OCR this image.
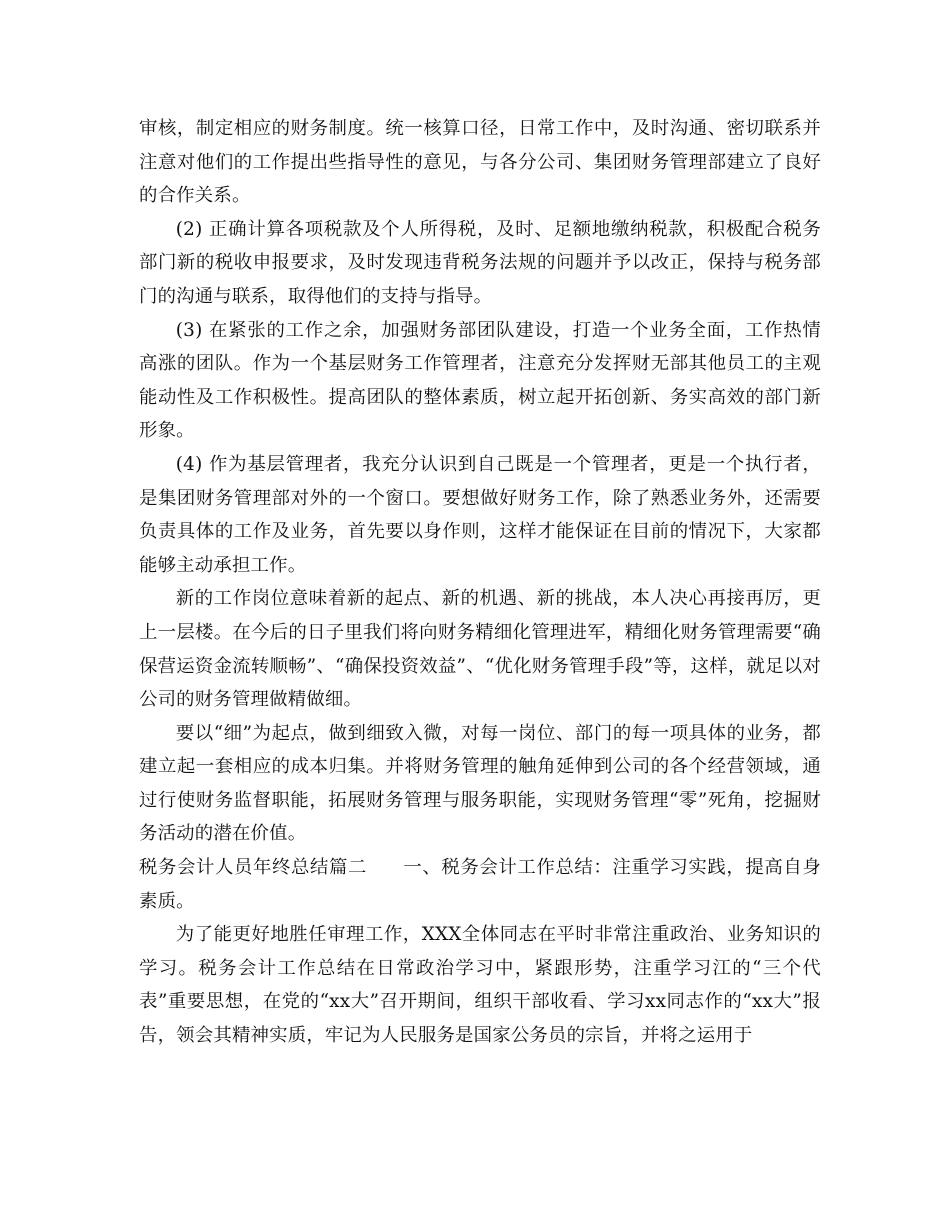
审核，制定相应的财务制度。统一核算口径，日常工作中，及时沟通、密切联系并注意对他们的工作提出些指导性的意见，与各分公司、集团财务管理部建立了良好的合作关系。

(2) 正确计算各项税款及个人所得税，及时、足额地缴纳税款，积极配合税务部门新的税收申报要求，及时发现违背税务法规的问题并予以改正，保持与税务部门的沟通与联系，取得他们的支持与指导。

(3) 在紧张的工作之余，加强财务部团队建设，打造一个业务全面，工作热情高涨的团队。作为一个基层财务工作管理者，注意充分发挥财无部其他员工的主观能动性及工作积极性。提高团队的整体素质，树立起开拓创新、务实高效的部门新形象。

(4) 作为基层管理者，我充分认识到自己既是一个管理者，更是一个执行者，是集团财务管理部对外的一个窗口。要想做好财务工作，除了熟悉业务外，还需要负责具体的工作及业务，首先要以身作则，这样才能保证在目前的情况下，大家都能够主动承担工作。

新的工作岗位意味着新的起点、新的机遇、新的挑战，本人决心再接再厉，更上一层楼。在今后的日子里我们将向财务精细化管理进军，精细化财务管理需要“确保营运资金流转顺畅”、“确保投资效益”、“优化财务管理手段”等，这样，就足以对公司的财务管理做精做细。

要以“细”为起点，做到细致入微，对每一岗位、部门的每一项具体的业务，都建立起一套相应的成本归集。并将财务管理的触角延伸到公司的各个经营领域，通过行使财务监督职能，拓展财务管理与服务职能，实现财务管理“零”死角，挖掘财务活动的潜在价值。

税务会计人员年终总结篇二 一、税务会计工作总结：注重学习实践，提高自身素质。

为了能更好地胜任审理工作，XXX全体同志在平时非常注重政治、业务知识的学习。税务会计工作总结在日常政治学习中，紧跟形势，注重学习江的“三个代表”重要思想，在党的“xx大”召开期间，组织干部收看、学习xx同志作的“xx大”报告，领会其精神实质，牢记为人民服务是国家公务员的宗旨，并将之运用于
